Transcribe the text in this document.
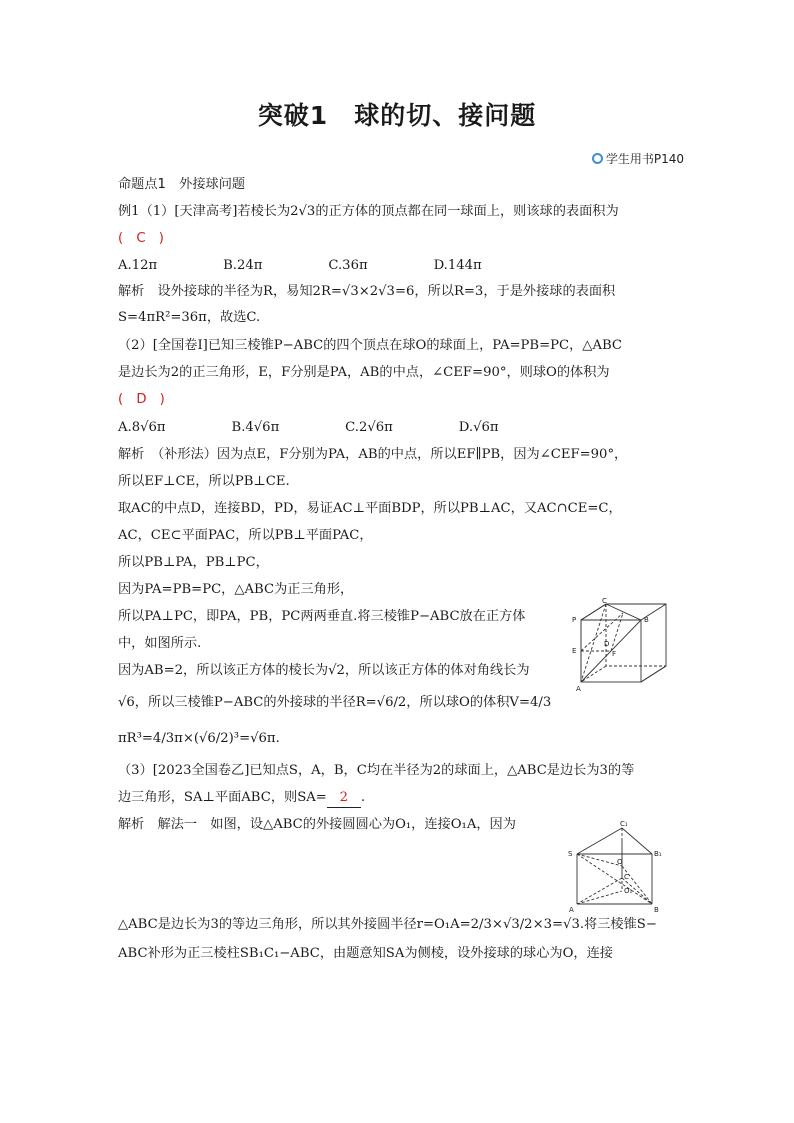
突破1　球的切、接问题
学生用书P140
命题点1　外接球问题
例1（1）[天津高考]若棱长为2√3的正方体的顶点都在同一球面上，则该球的表面积为
(　C　)
A.12π　　　　　B.24π　　　　　C.36π　　　　　D.144π
解析　设外接球的半径为R，易知2R=√3×2√3=6，所以R=3，于是外接球的表面积
S=4πR²=36π，故选C.
（2）[全国卷Ⅰ]已知三棱锥P−ABC的四个顶点在球O的球面上，PA=PB=PC，△ABC
是边长为2的正三角形，E，F分别是PA，AB的中点，∠CEF=90°，则球O的体积为
(　D　)
A.8√6π　　　　　B.4√6π　　　　　C.2√6π　　　　　D.√6π
解析　（补形法）因为点E，F分别为PA，AB的中点，所以EF∥PB，因为∠CEF=90°，
所以EF⊥CE，所以PB⊥CE.
取AC的中点D，连接BD，PD，易证AC⊥平面BDP，所以PB⊥AC，又AC∩CE=C，
AC，CE⊂平面PAC，所以PB⊥平面PAC，
所以PB⊥PA，PB⊥PC，
因为PA=PB=PC，△ABC为正三角形，
所以PA⊥PC，即PA，PB，PC两两垂直.将三棱锥P−ABC放在正方体
中，如图所示.
因为AB=2，所以该正方体的棱长为√2，所以该正方体的体对角线长为
√6，所以三棱锥P−ABC的外接球的半径R=√6/2，所以球O的体积V=4/3
πR³=4/3π×(√6/2)³=√6π.
（3）[2023全国卷乙]已知点S，A，B，C均在半径为2的球面上，△ABC是边长为3的等
边三角形，SA⊥平面ABC，则SA= 2 .
解析　解法一　如图，设△ABC的外接圆圆心为O₁，连接O₁A，因为
△ABC是边长为3的等边三角形，所以其外接圆半径r=O₁A=2/3×√3/2×3=√3.将三棱锥S−
ABC补形为正三棱柱SB₁C₁−ABC，由题意知SA为侧棱，设外接球的球心为O，连接
C
P	B
E
D
F
A
C₁
S	B₁
O
C
O₁
A	B
